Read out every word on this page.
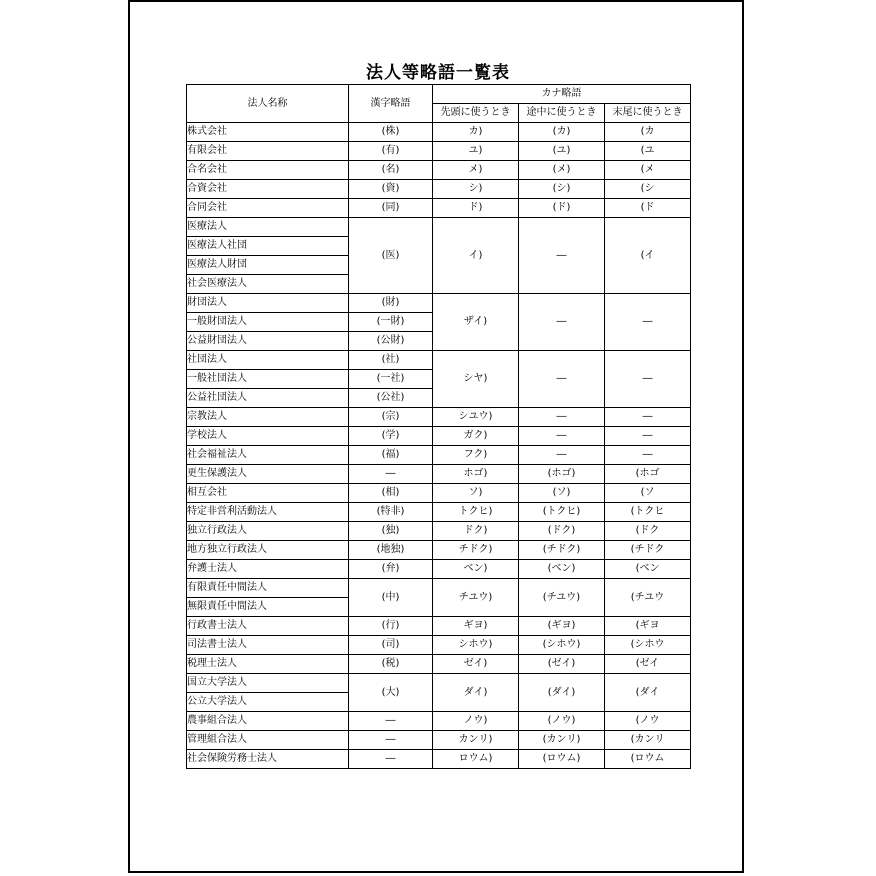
法人等略語一覧表
法人名称	漢字略語	カナ略語		
		先頭に使うとき	途中に使うとき	末尾に使うとき
株式会社	(株)	カ)	(カ)	(カ
有限会社	(有)	ユ)	(ユ)	(ユ
合名会社	(名)	メ)	(メ)	(メ
合資会社	(資)	シ)	(シ)	(シ
合同会社	(同)	ド)	(ド)	(ド
医療法人	(医)	イ)	―	(イ
医療法人社団				
医療法人財団				
社会医療法人				
財団法人	(財)	ザイ)	―	―
一般財団法人	(一財)			
公益財団法人	(公財)			
社団法人	(社)	シヤ)	―	―
一般社団法人	(一社)			
公益社団法人	(公社)			
宗教法人	(宗)	シユウ)	―	―
学校法人	(学)	ガク)	―	―
社会福祉法人	(福)	フク)	―	―
更生保護法人	―	ホゴ)	(ホゴ)	(ホゴ
相互会社	(相)	ソ)	(ソ)	(ソ
特定非営利活動法人	(特非)	トクヒ)	(トクヒ)	(トクヒ
独立行政法人	(独)	ドク)	(ドク)	(ドク
地方独立行政法人	(地独)	チドク)	(チドク)	(チドク
弁護士法人	(弁)	ベン)	(ベン)	(ベン
有限責任中間法人	(中)	チユウ)	(チユウ)	(チユウ
無限責任中間法人				
行政書士法人	(行)	ギヨ)	(ギヨ)	(ギヨ
司法書士法人	(司)	シホウ)	(シホウ)	(シホウ
税理士法人	(税)	ゼイ)	(ゼイ)	(ゼイ
国立大学法人	(大)	ダイ)	(ダイ)	(ダイ
公立大学法人				
農事組合法人	―	ノウ)	(ノウ)	(ノウ
管理組合法人	―	カンリ)	(カンリ)	(カンリ
社会保険労務士法人	―	ロウム)	(ロウム)	(ロウム
